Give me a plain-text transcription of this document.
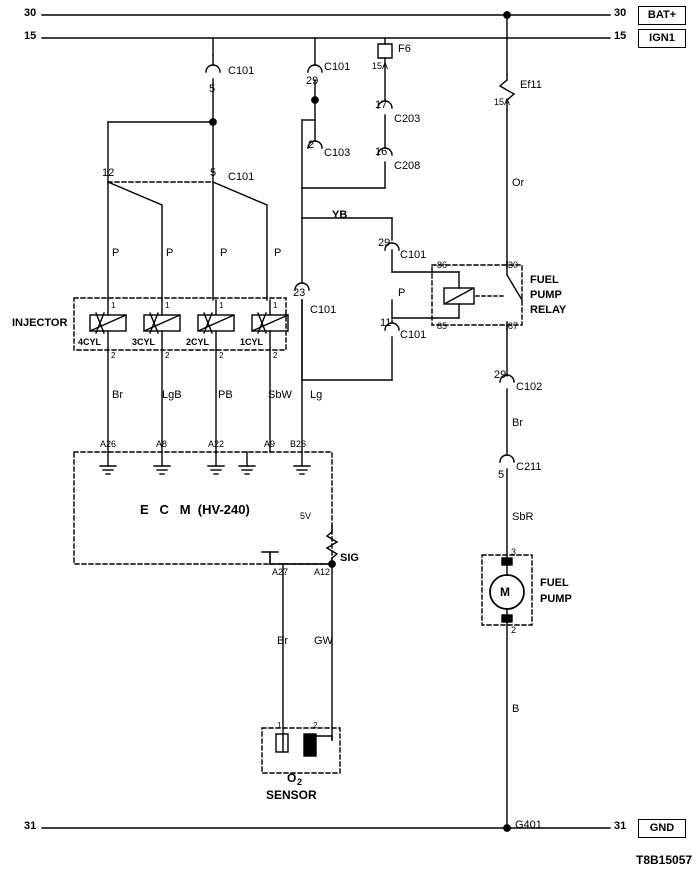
30	30	BAT+
15	15	IGN1
31	31	GND
G401
F6
15A
Ef11
15A
C101
5
C101
29
C103
2
C203
17
C208
16
C101
29
C101
11
C101
23
C101
C102
29
C211
5
12	5
P	P	P	P
1	1	1	1
2	2	2	2
INJECTOR
4CYL	3CYL	2CYL	1CYL
Br	LgB	PB	SbW Lg
A26	A8	A22	A9 B26
E   C   M  (HV-240)	5V
SIG
A27	A12
Br GW
1	2
O 2
SENSOR
86
85
30
87
FUEL
PUMP
RELAY
P
3
2
M
FUEL
PUMP
Or
YB
Br
SbR
B
T8B15057
